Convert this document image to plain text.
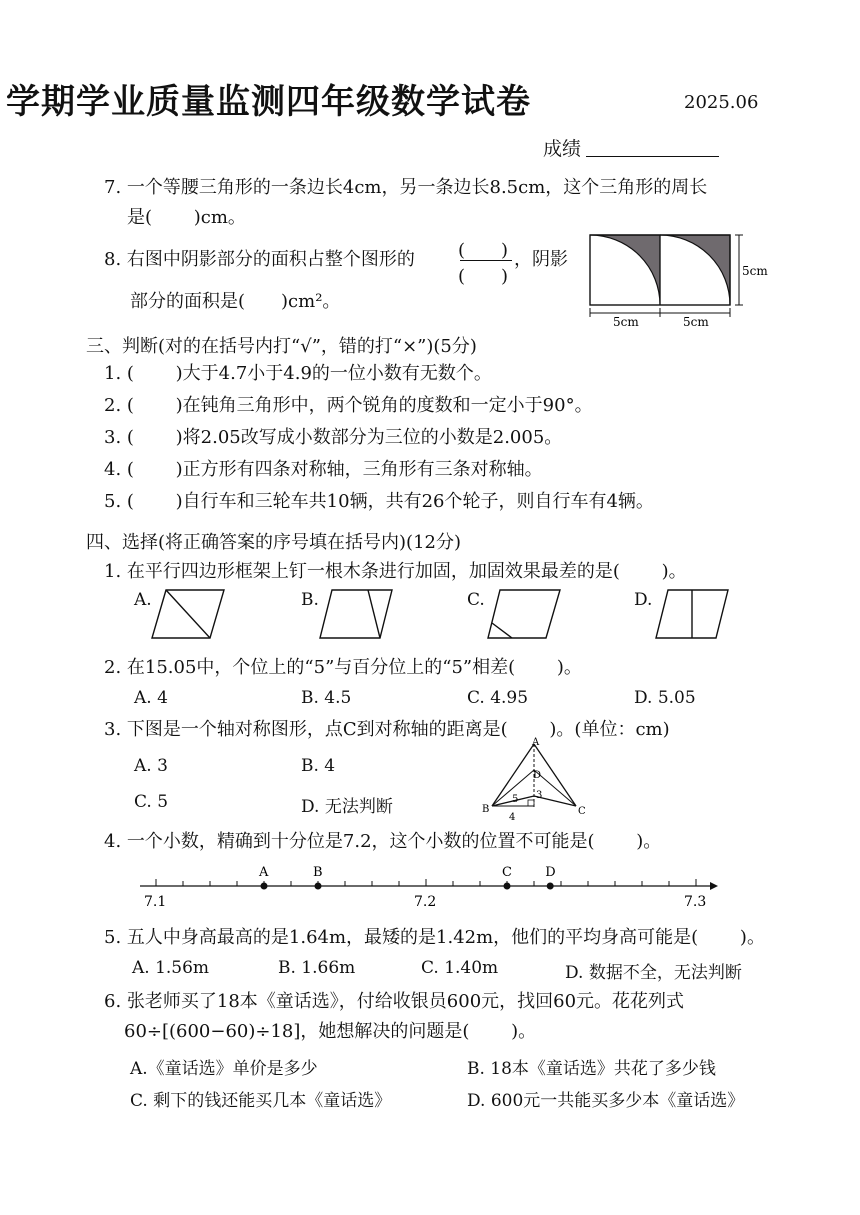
学期学业质量监测四年级数学试卷	2025.06
成绩
7. 一个等腰三角形的一条边长4cm，另一条边长8.5cm，这个三角形的周长
是(　　 )cm。
8. 右图中阴影部分的面积占整个图形的 (　　)
(　　)
，阴影
部分的面积是(　　)cm²。
5cm
5cm	5cm
三、判断(对的在括号内打“√”，错的打“×”)(5分)
1. (　　 )大于4.7小于4.9的一位小数有无数个。
2. (　　 )在钝角三角形中，两个锐角的度数和一定小于90°。
3. (　　 )将2.05改写成小数部分为三位的小数是2.005。
4. (　　 )正方形有四条对称轴，三角形有三条对称轴。
5. (　　 )自行车和三轮车共10辆，共有26个轮子，则自行车有4辆。
四、选择(将正确答案的序号填在括号内)(12分)
1. 在平行四边形框架上钉一根木条进行加固，加固效果最差的是(　　 )。
A.	B.	C.	D.
2. 在15.05中，个位上的“5”与百分位上的“5”相差(　　 )。
A. 4	B. 4.5	C. 4.95	D. 5.05
3. 下图是一个轴对称图形，点C到对称轴的距离是(　　 )。(单位：cm)
A. 3	B. 4
C. 5	D. 无法判断
A
B	C
D
5 3
4
4. 一个小数，精确到十分位是7.2，这个小数的位置不可能是(　　 )。
7.1	7.2	7.3
A	B	C	D
5. 五人中身高最高的是1.64m，最矮的是1.42m，他们的平均身高可能是(　　 )。
A. 1.56m	B. 1.66m	C. 1.40m	D. 数据不全，无法判断
6. 张老师买了18本《童话选》，付给收银员600元，找回60元。花花列式
60÷[(600−60)÷18]，她想解决的问题是(　　 )。
A.《童话选》单价是多少	B. 18本《童话选》共花了多少钱
C. 剩下的钱还能买几本《童话选》	D. 600元一共能买多少本《童话选》
